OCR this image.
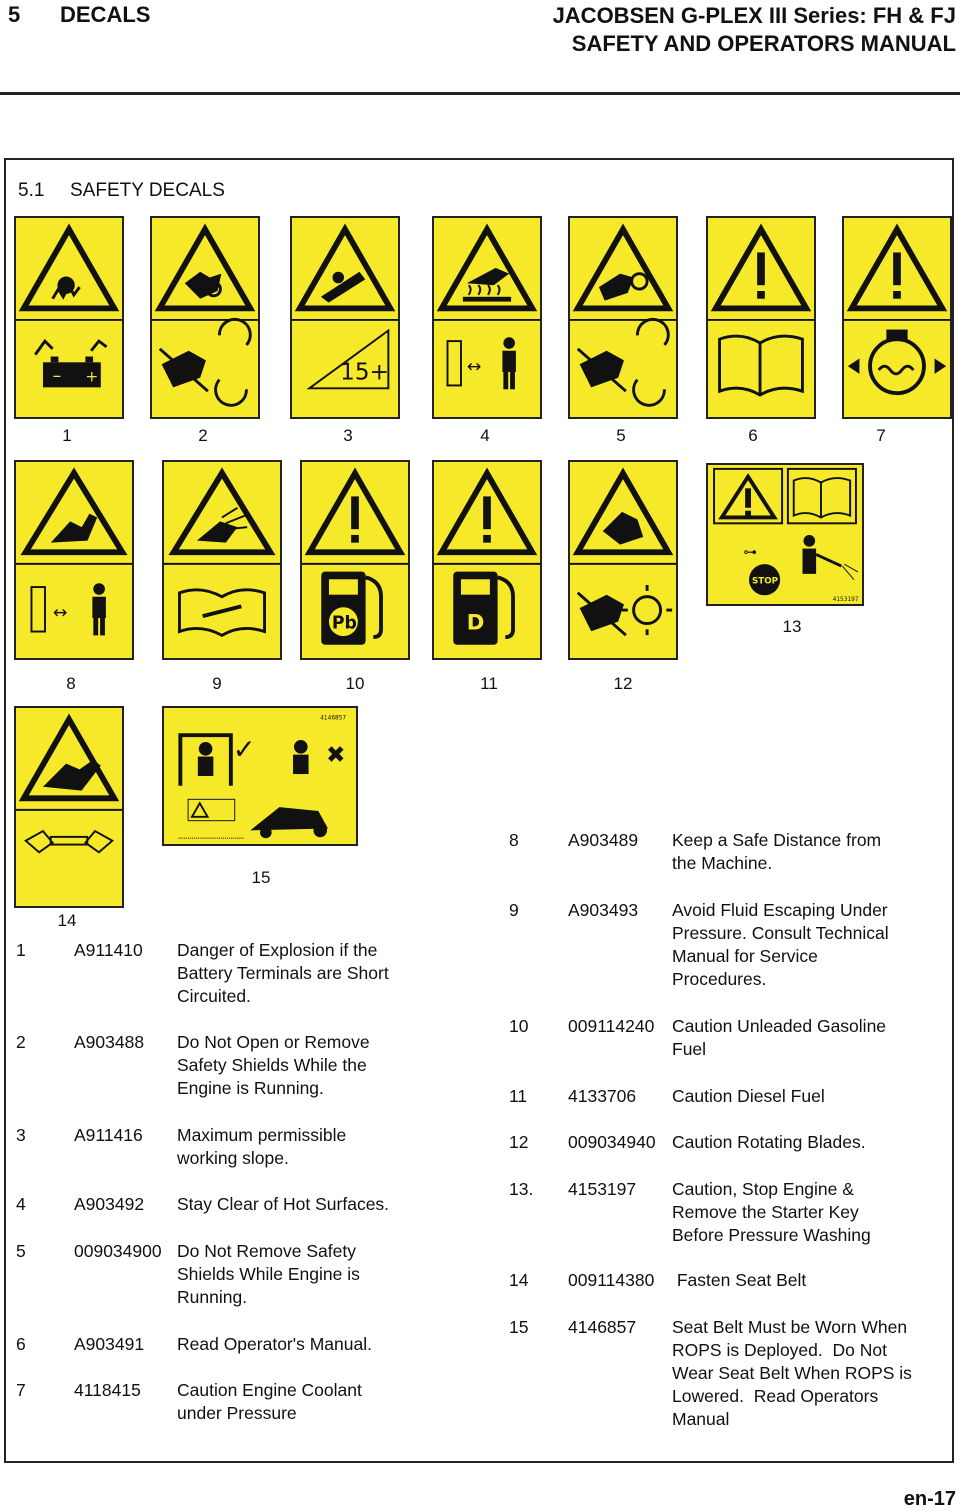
5 DECALS	JACOBSEN G-PLEX III Series: FH & FJ
SAFETY AND OPERATORS MANUAL
5.1 SAFETY DECALS
– +	15+	↔
1	2	3	4	5	6	7
↔
Pb	D
⊶
STOP
4153197
8	9	10	11	12
13
4146857
✓	✖
15
14
1	A911410 Danger of Explosion if the
Battery Terminals are Short
Circuited.
2	A903488 Do Not Open or Remove
Safety Shields While the
Engine is Running.
3	A911416 Maximum permissible
working slope.
4	A903492 Stay Clear of Hot Surfaces.
5	009034900 Do Not Remove Safety
Shields While Engine is
Running.
6	A903491 Read Operator's Manual.
7	4118415 Caution Engine Coolant
under Pressure
8	A903489 Keep a Safe Distance from
the Machine.
9	A903493 Avoid Fluid Escaping Under
Pressure. Consult Technical
Manual for Service
Procedures.
10 009114240 Caution Unleaded Gasoline
Fuel
11 4133706 Caution Diesel Fuel
12 009034940 Caution Rotating Blades.
13. 4153197 Caution, Stop Engine &
Remove the Starter Key
Before Pressure Washing
14 009114380 Fasten Seat Belt
15 4146857 Seat Belt Must be Worn When
ROPS is Deployed.  Do Not
Wear Seat Belt When ROPS is
Lowered.  Read Operators
Manual
en-17
